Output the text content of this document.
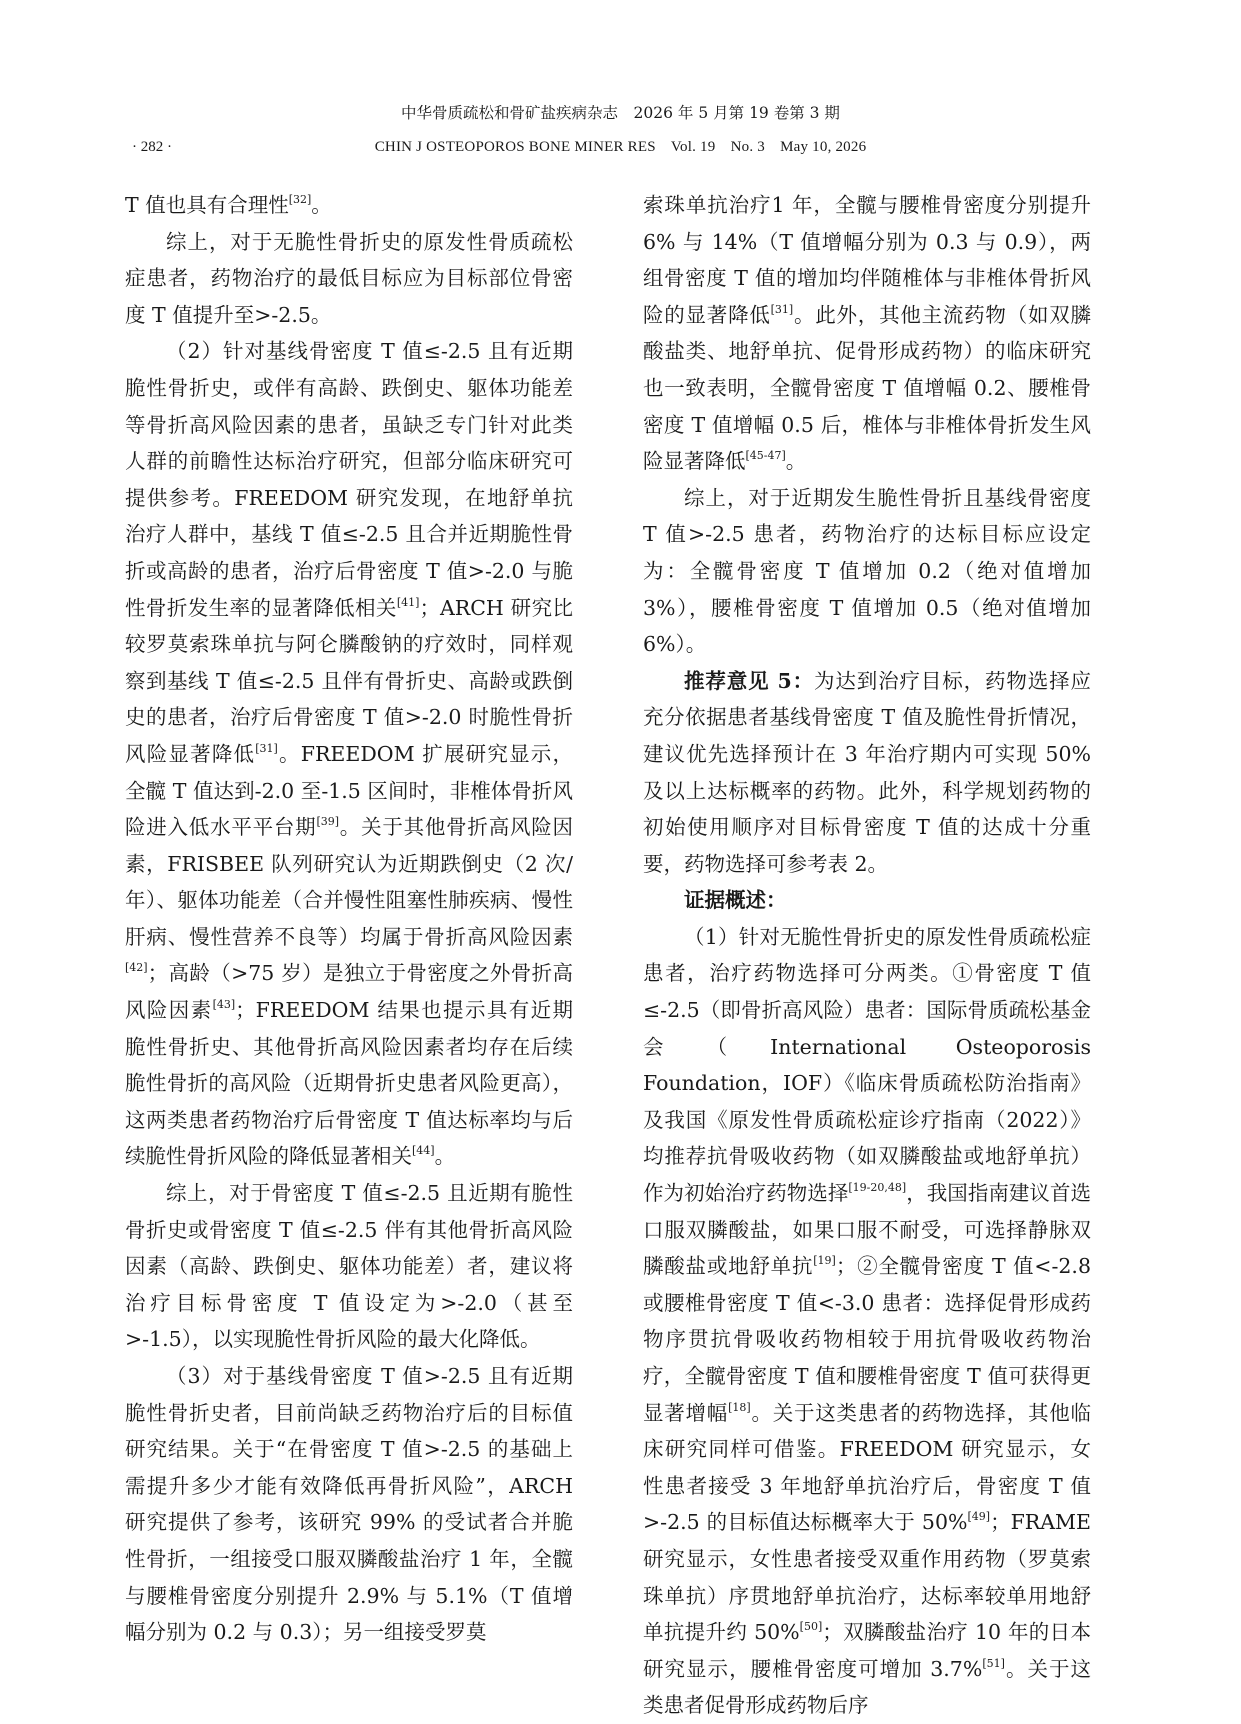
中华骨质疏松和骨矿盐疾病杂志　2026 年 5 月第 19 卷第 3 期
· 282 ·	CHIN J OSTEOPOROS BONE MINER RES　Vol. 19　No. 3　May 10, 2026

T 值也具有合理性[32]。

综上，对于无脆性骨折史的原发性骨质疏松症患者，药物治疗的最低目标应为目标部位骨密度 T 值提升至>-2.5。

（2）针对基线骨密度 T 值≤-2.5 且有近期脆性骨折史，或伴有高龄、跌倒史、躯体功能差等骨折高风险因素的患者，虽缺乏专门针对此类人群的前瞻性达标治疗研究，但部分临床研究可提供参考。FREEDOM 研究发现，在地舒单抗治疗人群中，基线 T 值≤-2.5 且合并近期脆性骨折或高龄的患者，治疗后骨密度 T 值>-2.0 与脆性骨折发生率的显著降低相关[41]；ARCH 研究比较罗莫索珠单抗与阿仑膦酸钠的疗效时，同样观察到基线 T 值≤-2.5 且伴有骨折史、高龄或跌倒史的患者，治疗后骨密度 T 值>-2.0 时脆性骨折风险显著降低[31]。FREEDOM 扩展研究显示，全髋 T 值达到-2.0 至-1.5 区间时，非椎体骨折风险进入低水平平台期[39]。关于其他骨折高风险因素，FRISBEE 队列研究认为近期跌倒史（2 次/年）、躯体功能差（合并慢性阻塞性肺疾病、慢性肝病、慢性营养不良等）均属于骨折高风险因素[42]；高龄（>75 岁）是独立于骨密度之外骨折高风险因素[43]；FREEDOM 结果也提示具有近期脆性骨折史、其他骨折高风险因素者均存在后续脆性骨折的高风险（近期骨折史患者风险更高），这两类患者药物治疗后骨密度 T 值达标率均与后续脆性骨折风险的降低显著相关[44]。

综上，对于骨密度 T 值≤-2.5 且近期有脆性骨折史或骨密度 T 值≤-2.5 伴有其他骨折高风险因素（高龄、跌倒史、躯体功能差）者，建议将治疗目标骨密度 T 值设定为>-2.0（甚至>-1.5），以实现脆性骨折风险的最大化降低。

（3）对于基线骨密度 T 值>-2.5 且有近期脆性骨折史者，目前尚缺乏药物治疗后的目标值研究结果。关于“在骨密度 T 值>-2.5 的基础上需提升多少才能有效降低再骨折风险”，ARCH 研究提供了参考，该研究 99% 的受试者合并脆性骨折，一组接受口服双膦酸盐治疗 1 年，全髋与腰椎骨密度分别提升 2.9% 与 5.1%（T 值增幅分别为 0.2 与 0.3）；另一组接受罗莫

索珠单抗治疗1 年，全髋与腰椎骨密度分别提升 6% 与 14%（T 值增幅分别为 0.3 与 0.9），两组骨密度 T 值的增加均伴随椎体与非椎体骨折风险的显著降低[31]。此外，其他主流药物（如双膦酸盐类、地舒单抗、促骨形成药物）的临床研究也一致表明，全髋骨密度 T 值增幅 0.2、腰椎骨密度 T 值增幅 0.5 后，椎体与非椎体骨折发生风险显著降低[45-47]。

综上，对于近期发生脆性骨折且基线骨密度 T 值>-2.5 患者，药物治疗的达标目标应设定为：全髋骨密度 T 值增加 0.2（绝对值增加 3%），腰椎骨密度 T 值增加 0.5（绝对值增加 6%）。

推荐意见 5：为达到治疗目标，药物选择应充分依据患者基线骨密度 T 值及脆性骨折情况，建议优先选择预计在 3 年治疗期内可实现 50% 及以上达标概率的药物。此外，科学规划药物的初始使用顺序对目标骨密度 T 值的达成十分重要，药物选择可参考表 2。

证据概述：

（1）针对无脆性骨折史的原发性骨质疏松症患者，治疗药物选择可分两类。①骨密度 T 值≤-2.5（即骨折高风险）患者：国际骨质疏松基金会（International Osteoporosis Foundation，IOF）《临床骨质疏松防治指南》及我国《原发性骨质疏松症诊疗指南（2022）》均推荐抗骨吸收药物（如双膦酸盐或地舒单抗）作为初始治疗药物选择[19-20,48]，我国指南建议首选口服双膦酸盐，如果口服不耐受，可选择静脉双膦酸盐或地舒单抗[19]；②全髋骨密度 T 值<-2.8 或腰椎骨密度 T 值<-3.0 患者：选择促骨形成药物序贯抗骨吸收药物相较于用抗骨吸收药物治疗，全髋骨密度 T 值和腰椎骨密度 T 值可获得更显著增幅[18]。关于这类患者的药物选择，其他临床研究同样可借鉴。FREEDOM 研究显示，女性患者接受 3 年地舒单抗治疗后，骨密度 T 值>-2.5 的目标值达标概率大于 50%[49]；FRAME 研究显示，女性患者接受双重作用药物（罗莫索珠单抗）序贯地舒单抗治疗，达标率较单用地舒单抗提升约 50%[50]；双膦酸盐治疗 10 年的日本研究显示，腰椎骨密度可增加 3.7%[51]。关于这类患者促骨形成药物后序
